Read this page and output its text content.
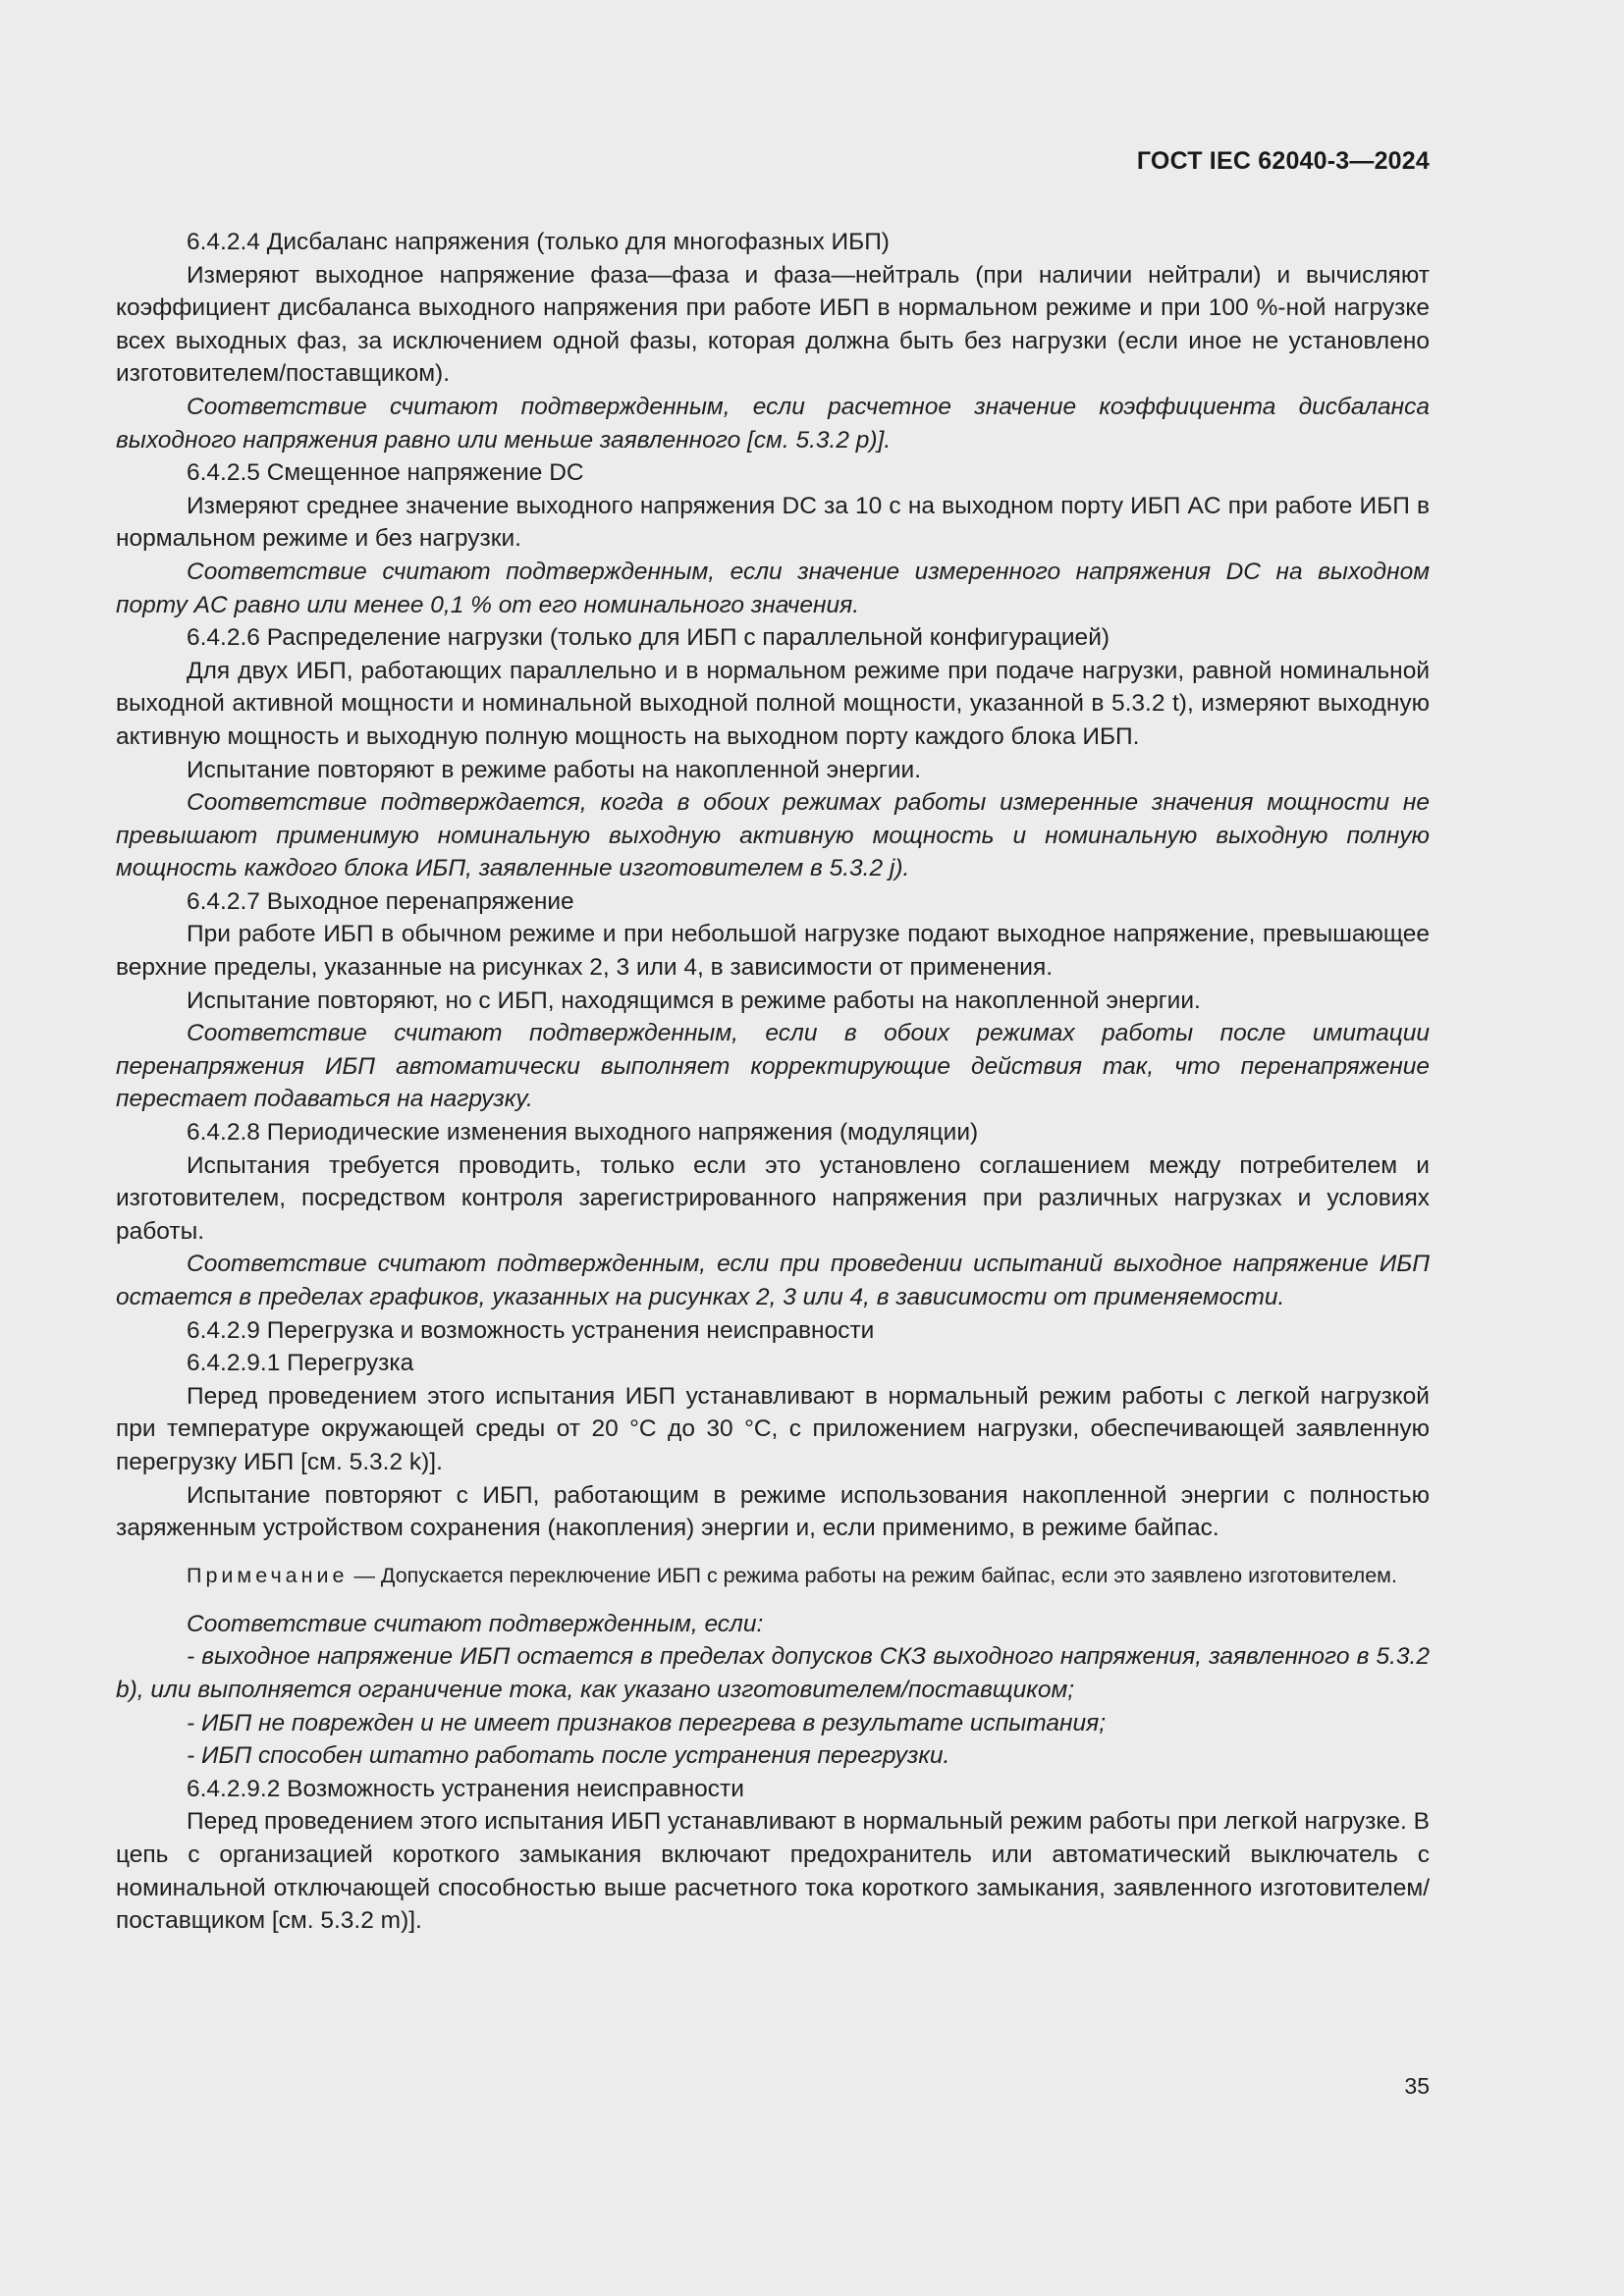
ГОСТ IEC 62040-3—2024

6.4.2.4 Дисбаланс напряжения (только для многофазных ИБП)

Измеряют выходное напряжение фаза—фаза и фаза—нейтраль (при наличии нейтрали) и вычисляют коэффициент дисбаланса выходного напряжения при работе ИБП в нормальном режиме и при 100 %-ной нагрузке всех выходных фаз, за исключением одной фазы, которая должна быть без нагрузки (если иное не установлено изготовителем/поставщиком).

Соответствие считают подтвержденным, если расчетное значение коэффициента дисбаланса выходного напряжения равно или меньше заявленного [см. 5.3.2 p)].

6.4.2.5 Смещенное напряжение DC

Измеряют среднее значение выходного напряжения DC за 10 с на выходном порту ИБП AC при работе ИБП в нормальном режиме и без нагрузки.

Соответствие считают подтвержденным, если значение измеренного напряжения DC на выходном порту AC равно или менее 0,1 % от его номинального значения.

6.4.2.6 Распределение нагрузки (только для ИБП с параллельной конфигурацией)

Для двух ИБП, работающих параллельно и в нормальном режиме при подаче нагрузки, равной номинальной выходной активной мощности и номинальной выходной полной мощности, указанной в 5.3.2 t), измеряют выходную активную мощность и выходную полную мощность на выходном порту каждого блока ИБП.

Испытание повторяют в режиме работы на накопленной энергии.

Соответствие подтверждается, когда в обоих режимах работы измеренные значения мощности не превышают применимую номинальную выходную активную мощность и номинальную выходную полную мощность каждого блока ИБП, заявленные изготовителем в 5.3.2 j).

6.4.2.7 Выходное перенапряжение

При работе ИБП в обычном режиме и при небольшой нагрузке подают выходное напряжение, превышающее верхние пределы, указанные на рисунках 2, 3 или 4, в зависимости от применения.

Испытание повторяют, но с ИБП, находящимся в режиме работы на накопленной энергии.

Соответствие считают подтвержденным, если в обоих режимах работы после имитации перенапряжения ИБП автоматически выполняет корректирующие действия так, что перенапряжение перестает подаваться на нагрузку.

6.4.2.8 Периодические изменения выходного напряжения (модуляции)

Испытания требуется проводить, только если это установлено соглашением между потребителем и изготовителем, посредством контроля зарегистрированного напряжения при различных нагрузках и условиях работы.

Соответствие считают подтвержденным, если при проведении испытаний выходное напряжение ИБП остается в пределах графиков, указанных на рисунках 2, 3 или 4, в зависимости от применяемости.

6.4.2.9 Перегрузка и возможность устранения неисправности

6.4.2.9.1 Перегрузка

Перед проведением этого испытания ИБП устанавливают в нормальный режим работы с легкой нагрузкой при температуре окружающей среды от 20 °С до 30 °С, с приложением нагрузки, обеспечивающей заявленную перегрузку ИБП [см. 5.3.2 k)].

Испытание повторяют с ИБП, работающим в режиме использования накопленной энергии с полностью заряженным устройством сохранения (накопления) энергии и, если применимо, в режиме байпас.

Примечание — Допускается переключение ИБП с режима работы на режим байпас, если это заявлено изготовителем.

Соответствие считают подтвержденным, если:

- выходное напряжение ИБП остается в пределах допусков СКЗ выходного напряжения, заявленного в 5.3.2 b), или выполняется ограничение тока, как указано изготовителем/поставщиком;

- ИБП не поврежден и не имеет признаков перегрева в результате испытания;

- ИБП способен штатно работать после устранения перегрузки.

6.4.2.9.2 Возможность устранения неисправности

Перед проведением этого испытания ИБП устанавливают в нормальный режим работы при легкой нагрузке. В цепь с организацией короткого замыкания включают предохранитель или автоматический выключатель с номинальной отключающей способностью выше расчетного тока короткого замыкания, заявленного изготовителем/поставщиком [см. 5.3.2 m)].

35
